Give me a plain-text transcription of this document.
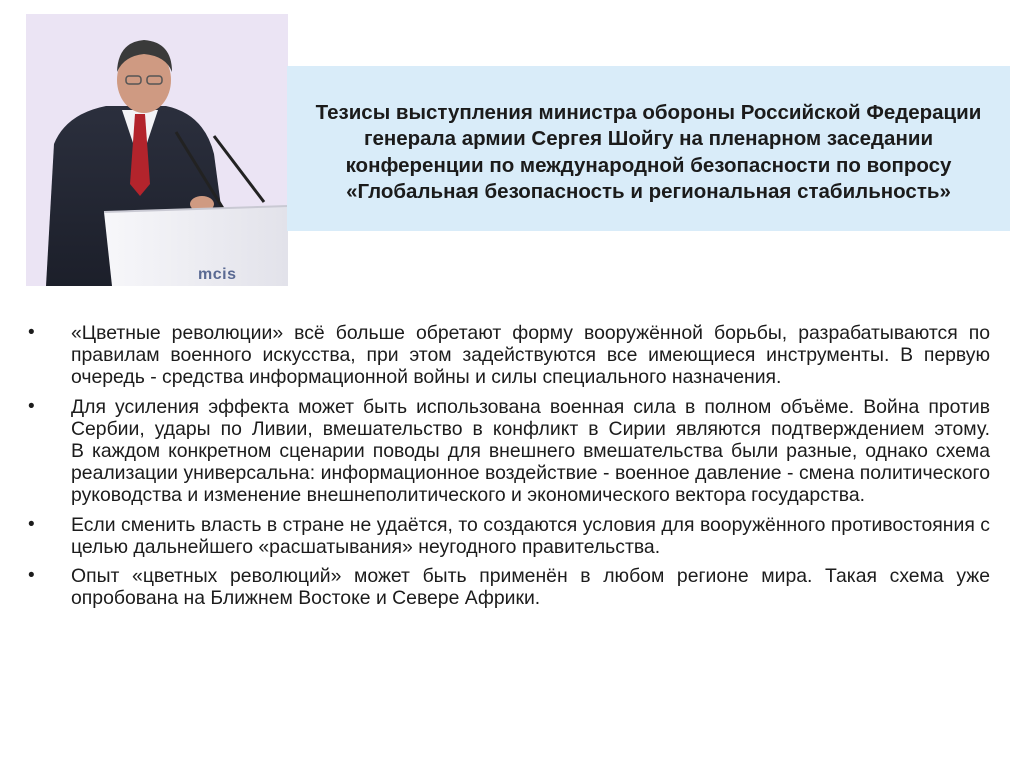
mcis
Тезисы выступления министра обороны Российской Федерации генерала армии Сергея Шойгу на пленарном заседании конференции по международной безопасности по вопросу «Глобальная безопасность и региональная стабильность»
•	«Цветные революции» всё больше обретают форму вооружённой борьбы, разрабатываются по правилам военного искусства, при этом задействуются все имеющиеся инструменты. В первую очередь - средства информационной войны и силы специального назначения.
•	Для усиления эффекта может быть использована военная сила в полном объёме. Война против Сербии, удары по Ливии, вмешательство в конфликт в Сирии являются подтверждением этому.
В каждом конкретном сценарии поводы для внешнего вмешательства были разные, однако схема реализации универсальна: информационное воздействие - военное давление - смена политического руководства и изменение внешнеполитического и экономического вектора государства.
•	Если сменить власть в стране не удаётся, то создаются условия для вооружённого противостояния с целью дальнейшего «расшатывания» неугодного правительства.
•	Опыт «цветных революций» может быть применён в любом регионе мира. Такая схема уже опробована на Ближнем Востоке и Севере Африки.
